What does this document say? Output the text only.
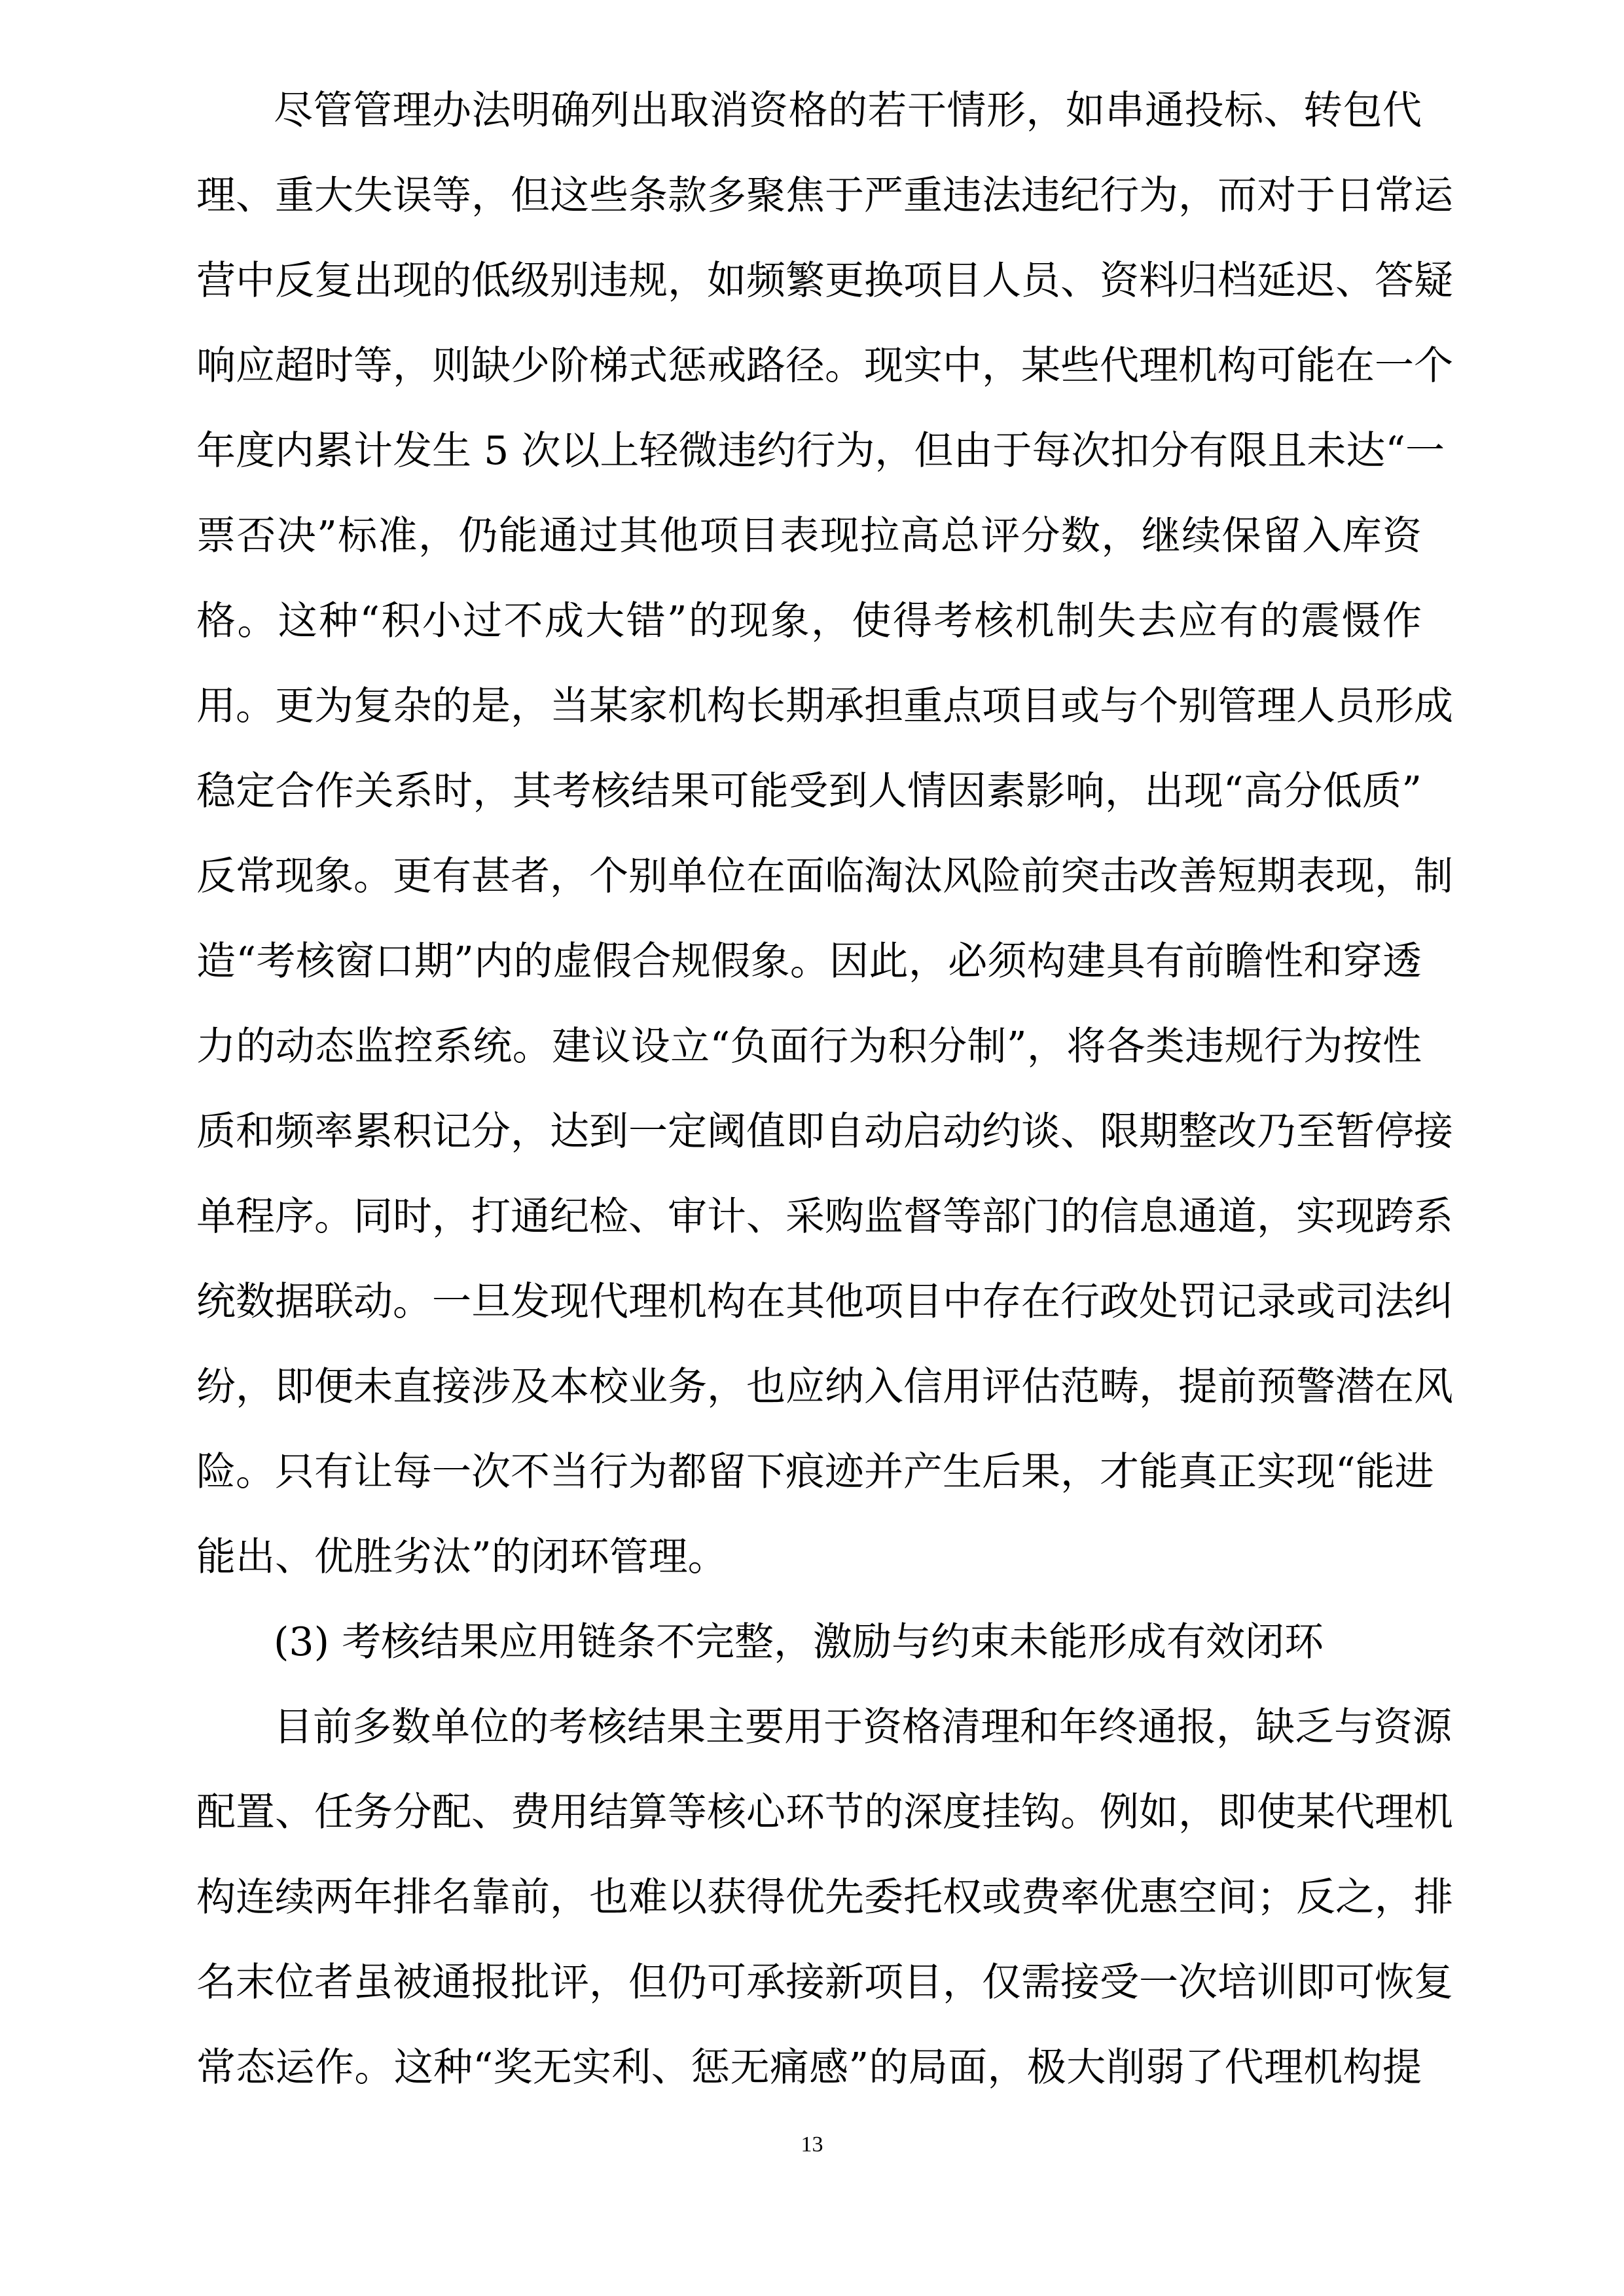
尽管管理办法明确列出取消资格的若干情形，如串通投标、转包代
理、重大失误等，但这些条款多聚焦于严重违法违纪行为，而对于日常运
营中反复出现的低级别违规，如频繁更换项目人员、资料归档延迟、答疑
响应超时等，则缺少阶梯式惩戒路径。现实中，某些代理机构可能在一个
年度内累计发生 5 次以上轻微违约行为，但由于每次扣分有限且未达“一
票否决”标准，仍能通过其他项目表现拉高总评分数，继续保留入库资
格。这种“积小过不成大错”的现象，使得考核机制失去应有的震慑作
用。更为复杂的是，当某家机构长期承担重点项目或与个别管理人员形成
稳定合作关系时，其考核结果可能受到人情因素影响，出现“高分低质”
反常现象。更有甚者，个别单位在面临淘汰风险前突击改善短期表现，制
造“考核窗口期”内的虚假合规假象。因此，必须构建具有前瞻性和穿透
力的动态监控系统。建议设立“负面行为积分制”，将各类违规行为按性
质和频率累积记分，达到一定阈值即自动启动约谈、限期整改乃至暂停接
单程序。同时，打通纪检、审计、采购监督等部门的信息通道，实现跨系
统数据联动。一旦发现代理机构在其他项目中存在行政处罚记录或司法纠
纷，即便未直接涉及本校业务，也应纳入信用评估范畴，提前预警潜在风
险。只有让每一次不当行为都留下痕迹并产生后果，才能真正实现“能进
能出、优胜劣汰”的闭环管理。
(3) 考核结果应用链条不完整，激励与约束未能形成有效闭环
目前多数单位的考核结果主要用于资格清理和年终通报，缺乏与资源
配置、任务分配、费用结算等核心环节的深度挂钩。例如，即使某代理机
构连续两年排名靠前，也难以获得优先委托权或费率优惠空间；反之，排
名末位者虽被通报批评，但仍可承接新项目，仅需接受一次培训即可恢复
常态运作。这种“奖无实利、惩无痛感”的局面，极大削弱了代理机构提
13
